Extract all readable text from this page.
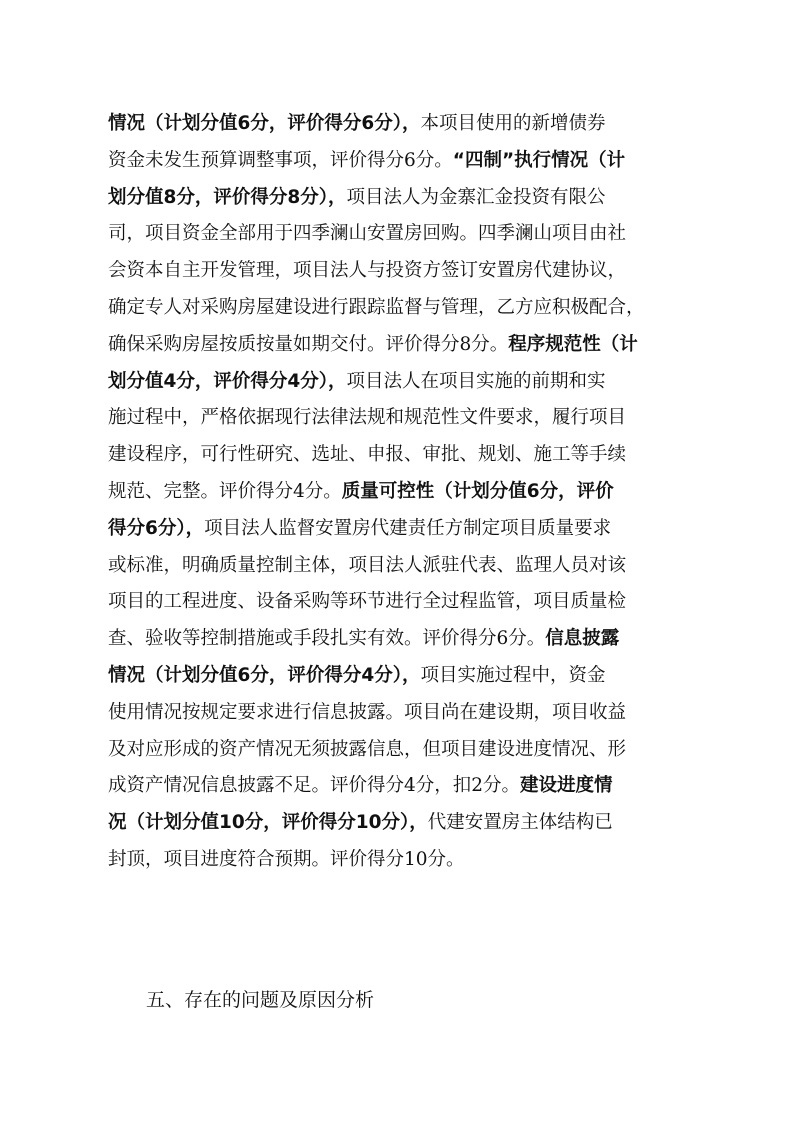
情况（计划分值6分，评价得分6分），本项目使用的新增债券
资金未发生预算调整事项，评价得分6分。“四制”执行情况（计
划分值8分，评价得分8分），项目法人为金寨汇金投资有限公
司，项目资金全部用于四季澜山安置房回购。四季澜山项目由社
会资本自主开发管理，项目法人与投资方签订安置房代建协议，
确定专人对采购房屋建设进行跟踪监督与管理，乙方应积极配合，
确保采购房屋按质按量如期交付。评价得分8分。程序规范性（计
划分值4分，评价得分4分），项目法人在项目实施的前期和实
施过程中，严格依据现行法律法规和规范性文件要求，履行项目
建设程序，可行性研究、选址、申报、审批、规划、施工等手续
规范、完整。评价得分4分。质量可控性（计划分值6分，评价
得分6分），项目法人监督安置房代建责任方制定项目质量要求
或标准，明确质量控制主体，项目法人派驻代表、监理人员对该
项目的工程进度、设备采购等环节进行全过程监管，项目质量检
查、验收等控制措施或手段扎实有效。评价得分6分。信息披露
情况（计划分值6分，评价得分4分），项目实施过程中，资金
使用情况按规定要求进行信息披露。项目尚在建设期，项目收益
及对应形成的资产情况无须披露信息，但项目建设进度情况、形
成资产情况信息披露不足。评价得分4分，扣2分。建设进度情
况（计划分值10分，评价得分10分），代建安置房主体结构已
封顶，项目进度符合预期。评价得分10分。
五、存在的问题及原因分析
